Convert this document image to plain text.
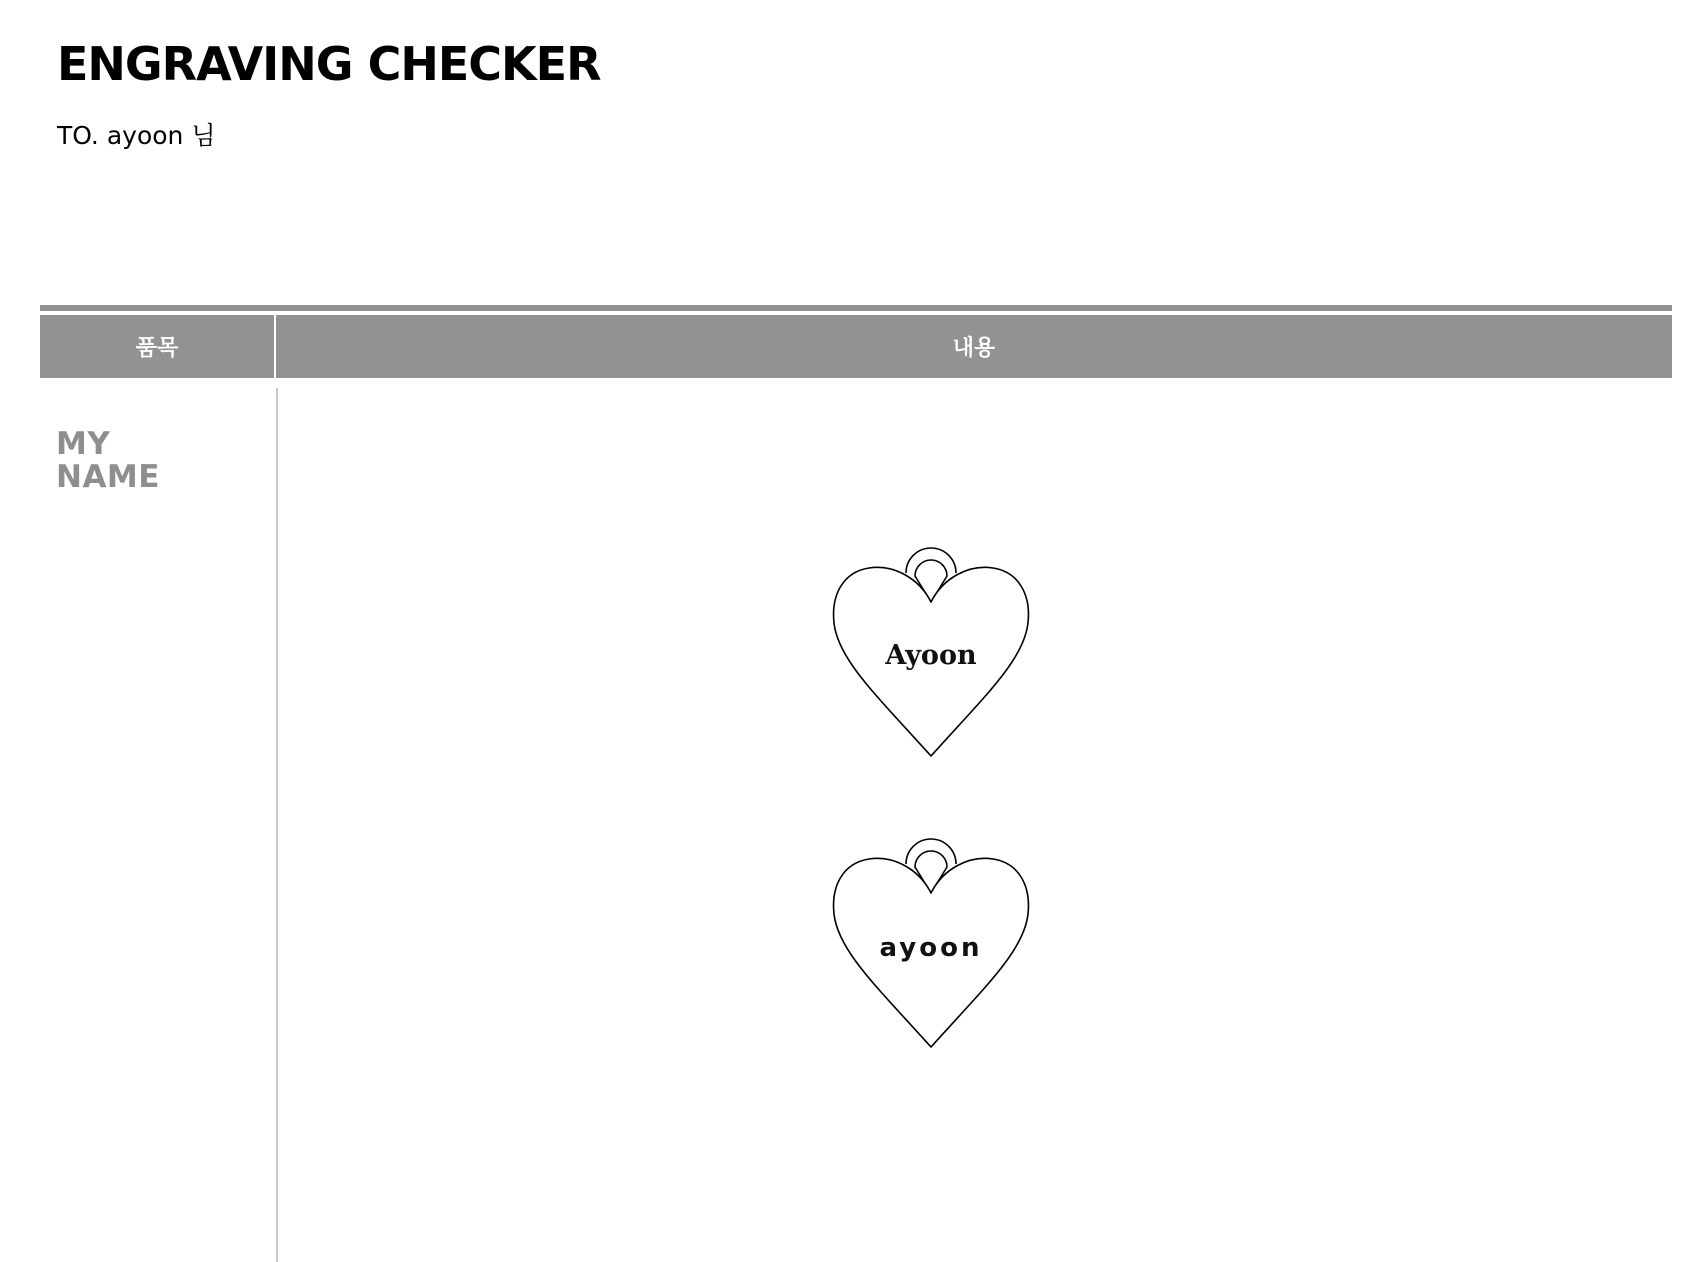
ENGRAVING CHECKER
TO. ayoon 님
품목	내용
MY
NAME
Ayoon
ayoon
